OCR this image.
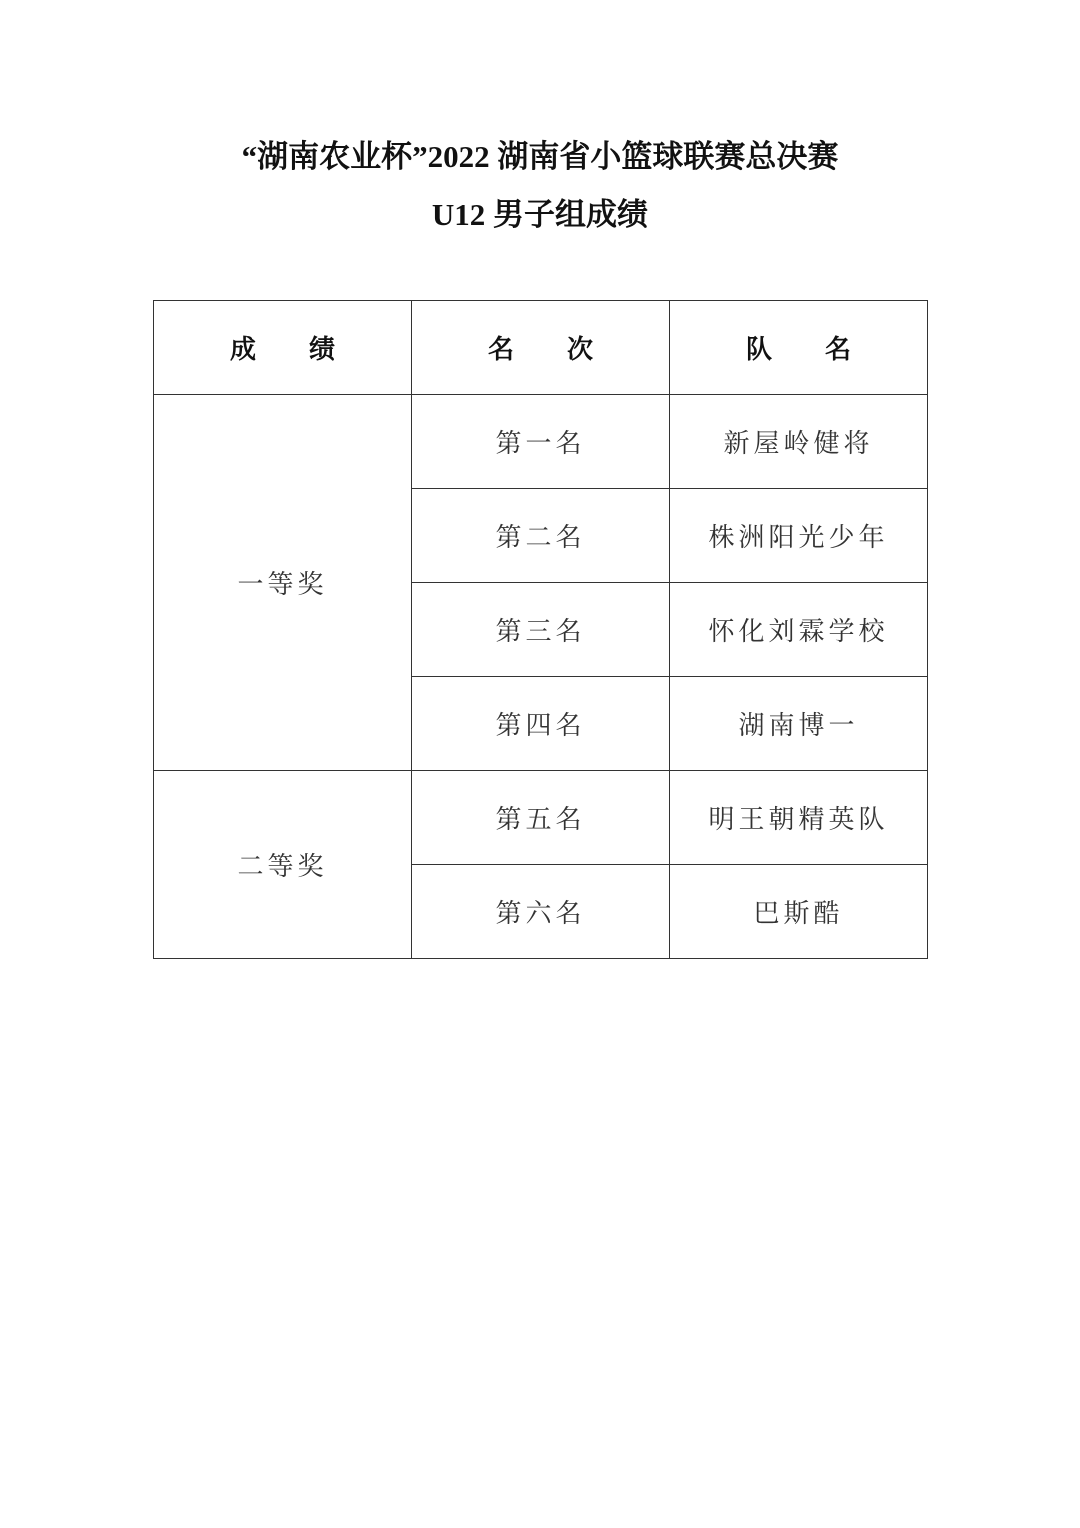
“湖南农业杯”2022 湖南省小篮球联赛总决赛
U12 男子组成绩
成 绩	名 次	队 名
一等奖	第一名	新屋岭健将
	第二名	株洲阳光少年
	第三名	怀化刘霖学校
	第四名	湖南博一
二等奖	第五名	明王朝精英队
	第六名	巴斯酷
